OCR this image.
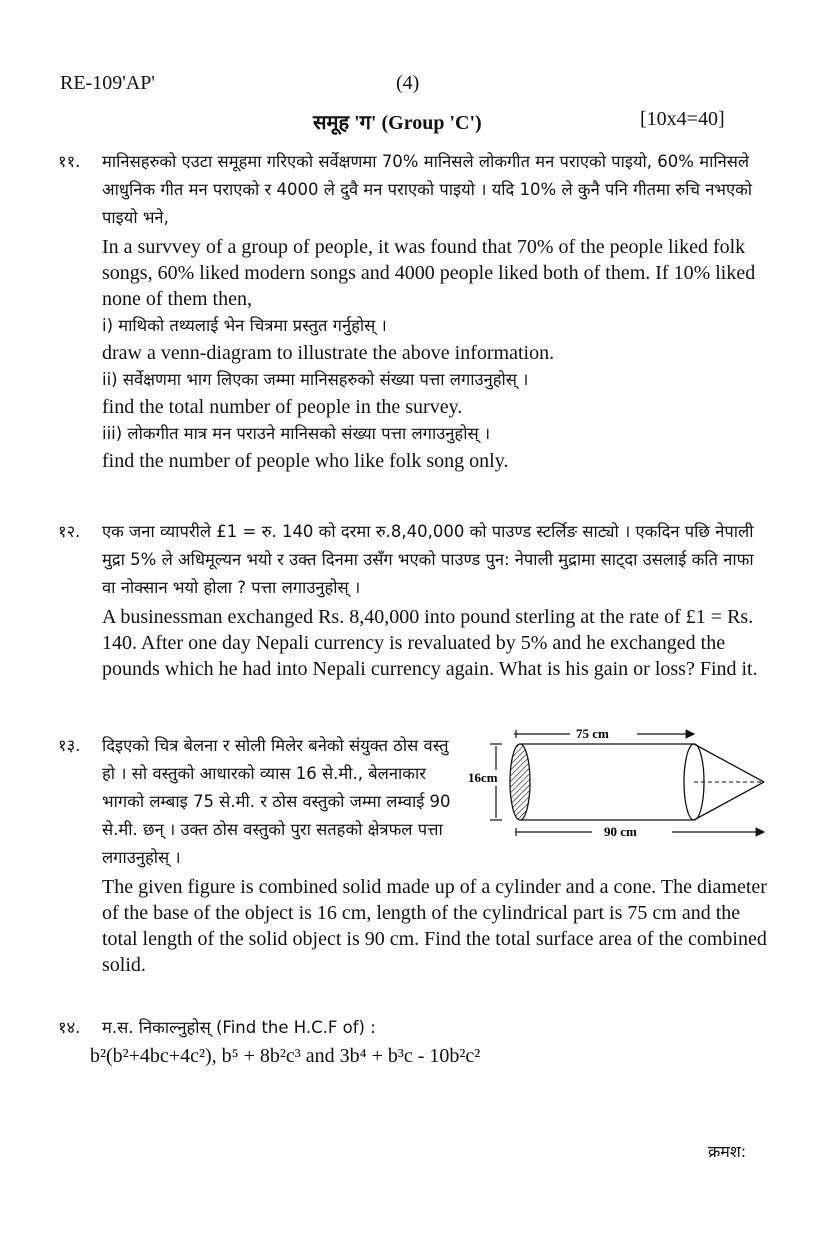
RE-109'AP'	(4)
समूह 'ग' (Group 'C')	[10x4=40]
११. मानिसहरुको एउटा समूहमा गरिएको सर्वेक्षणमा 70% मानिसले लोकगीत मन पराएको पाइयो, 60% मानिसले आधुनिक गीत मन पराएको र 4000 ले दुवै मन पराएको पाइयो । यदि 10% ले कुनै पनि गीतमा रुचि नभएको पाइयो भने,
In a survvey of a group of people, it was found that 70% of the people liked folk songs, 60% liked modern songs and 4000 people liked both of them. If 10% liked none of them then,
i) माथिको तथ्यलाई भेन चित्रमा प्रस्तुत गर्नुहोस् ।
draw a venn-diagram to illustrate the above information.
ii) सर्वेक्षणमा भाग लिएका जम्मा मानिसहरुको संख्या पत्ता लगाउनुहोस् ।
find the total number of people in the survey.
iii) लोकगीत मात्र मन पराउने मानिसको संख्या पत्ता लगाउनुहोस् ।
find the number of people who like folk song only.
१२. एक जना व्यापरीले £1 = रु. 140 को दरमा रु.8,40,000 को पाउण्ड स्टर्लिङ साट्यो । एकदिन पछि नेपाली मुद्रा 5% ले अधिमूल्यन भयो र उक्त दिनमा उसँग भएको पाउण्ड पुन: नेपाली मुद्रामा साट्दा उसलाई कति नाफा वा नोक्सान भयो होला ? पत्ता लगाउनुहोस् ।
A businessman exchanged Rs. 8,40,000 into pound sterling at the rate of £1 = Rs. 140. After one day Nepali currency is revaluated by 5% and he exchanged the pounds which he had into Nepali currency again. What is his gain or loss? Find it.
१३. दिइएको चित्र बेलना र सोली मिलेर बनेको संयुक्त ठोस वस्तु हो । सो वस्तुको आधारको व्यास 16 से.मी., बेलनाकार भागको लम्बाइ 75 से.मी. र ठोस वस्तुको जम्मा लम्वाई 90 से.मी. छन् । उक्त ठोस वस्तुको पुरा सतहको क्षेत्रफल पत्ता लगाउनुहोस् ।
The given figure is combined solid made up of a cylinder and a cone. The diameter of the base of the object is 16 cm, length of the cylindrical part is 75 cm and the total length of the solid object is 90 cm. Find the total surface area of the combined solid.
75 cm
16cm
90 cm
१४. म.स. निकाल्नुहोस् (Find the H.C.F of) :
b²(b²+4bc+4c²), b⁵ + 8b²c³ and 3b⁴ + b³c - 10b²c²
क्रमश:
